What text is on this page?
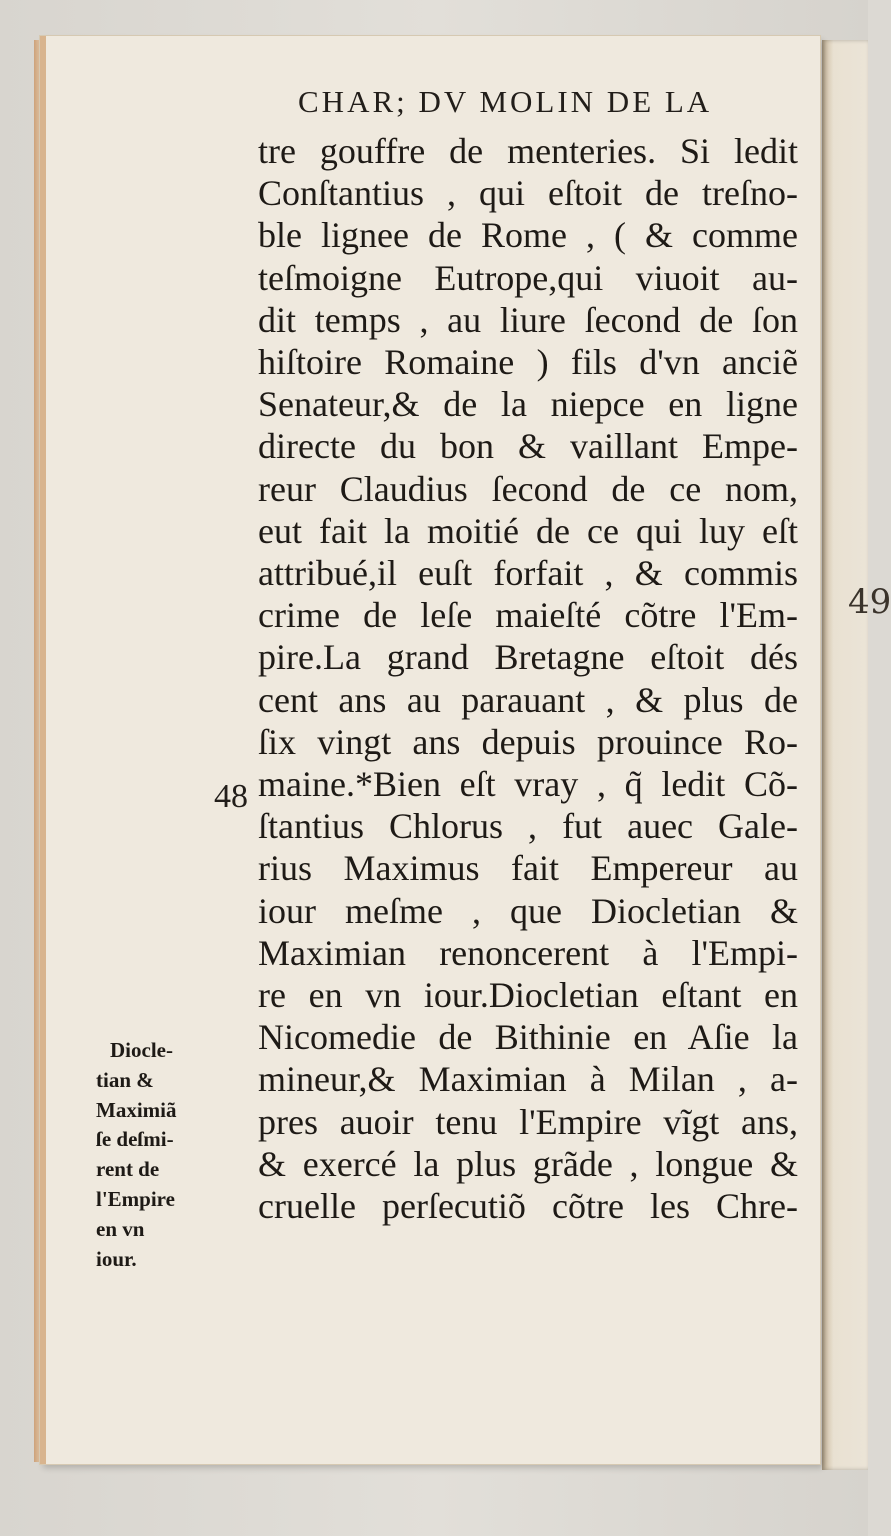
49
CHAR; DV MOLIN DE LA
tre gouffre de menteries. Si ledit
Conſtantius , qui eſtoit de treſno-
ble lignee de Rome , ( & comme
teſmoigne Eutrope,qui viuoit au-
dit temps , au liure ſecond de ſon
hiſtoire Romaine ) fils d'vn anciẽ
Senateur,& de la niepce en ligne
directe du bon & vaillant Empe-
reur Claudius ſecond de ce nom,
eut fait la moitié de ce qui luy eſt
attribué,il euſt forfait , & commis
crime de leſe maieſté cõtre l'Em-
pire.La grand Bretagne eſtoit dés
cent ans au parauant , & plus de
ſix vingt ans depuis prouince Ro-
maine.*Bien eſt vray , q̃ ledit Cõ-
ſtantius Chlorus , fut auec Gale-
rius Maximus fait Empereur au
iour meſme , que Diocletian &
Maximian renoncerent à l'Empi-
re en vn iour.Diocletian eſtant en
Nicomedie de Bithinie en Aſie la
mineur,& Maximian à Milan , a-
pres auoir tenu l'Empire vĩgt ans,
& exercé la plus grãde , longue &
cruelle perſecutiõ cõtre les Chre-
48
Diocle-
tian &
Maximiã
ſe deſmi-
rent de
l'Empire
en vn
iour.
